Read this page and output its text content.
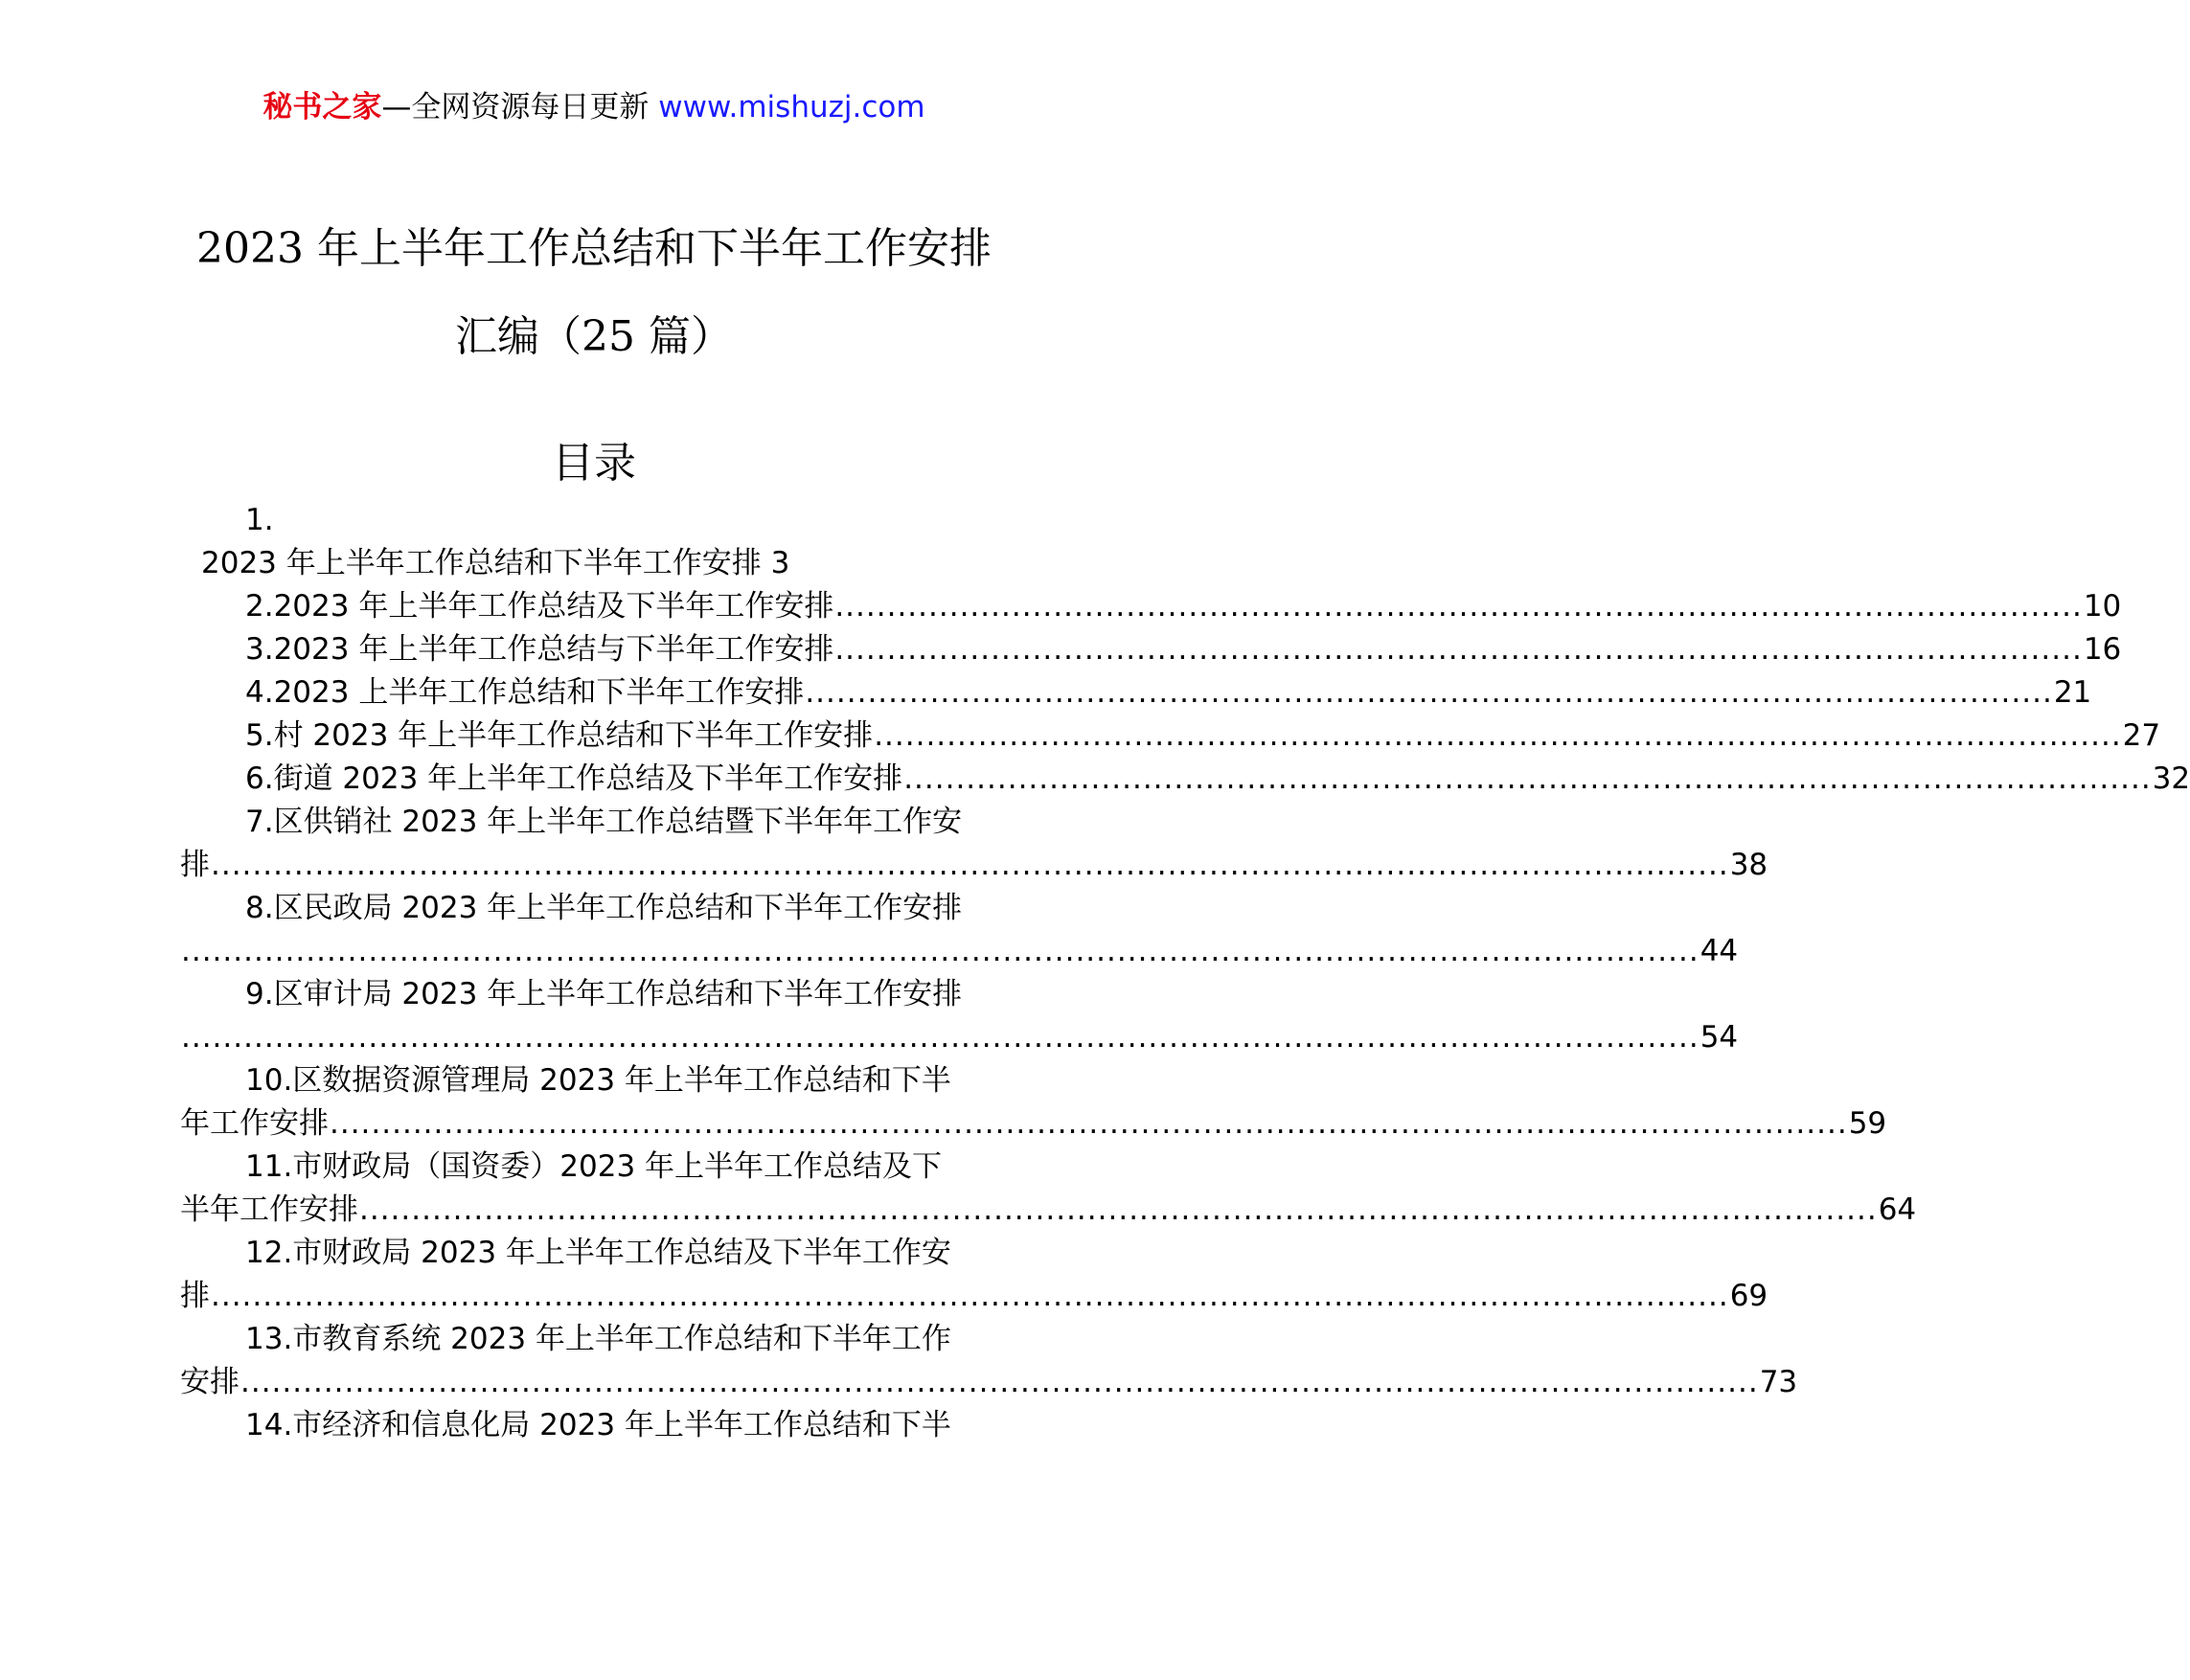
秘书之家—全网资源每日更新 www.mishuzj.com
2023 年上半年工作总结和下半年工作安排
汇编（25 篇）
目录
1.
2023 年上半年工作总结和下半年工作安排 3
2.2023 年上半年工作总结及下半年工作安排 ........................................................................................................................ 10
3.2023 年上半年工作总结与下半年工作安排 ........................................................................................................................ 16
4.2023 上半年工作总结和下半年工作安排 ........................................................................................................................ 21
5.村 2023 年上半年工作总结和下半年工作安排 ........................................................................................................................ 27
6.街道 2023 年上半年工作总结及下半年工作安排 ........................................................................................................................ 32
7.区供销社 2023 年上半年工作总结暨下半年年工作安
排 .................................................................................................................................................. 38
8.区民政局 2023 年上半年工作总结和下半年工作安排
.................................................................................................................................................. 44
9.区审计局 2023 年上半年工作总结和下半年工作安排
.................................................................................................................................................. 54
10.区数据资源管理局 2023 年上半年工作总结和下半
年工作安排 .................................................................................................................................................. 59
11.市财政局（国资委）2023 年上半年工作总结及下
半年工作安排 .................................................................................................................................................. 64
12.市财政局 2023 年上半年工作总结及下半年工作安
排 .................................................................................................................................................. 69
13.市教育系统 2023 年上半年工作总结和下半年工作
安排 .................................................................................................................................................. 73
14.市经济和信息化局 2023 年上半年工作总结和下半
